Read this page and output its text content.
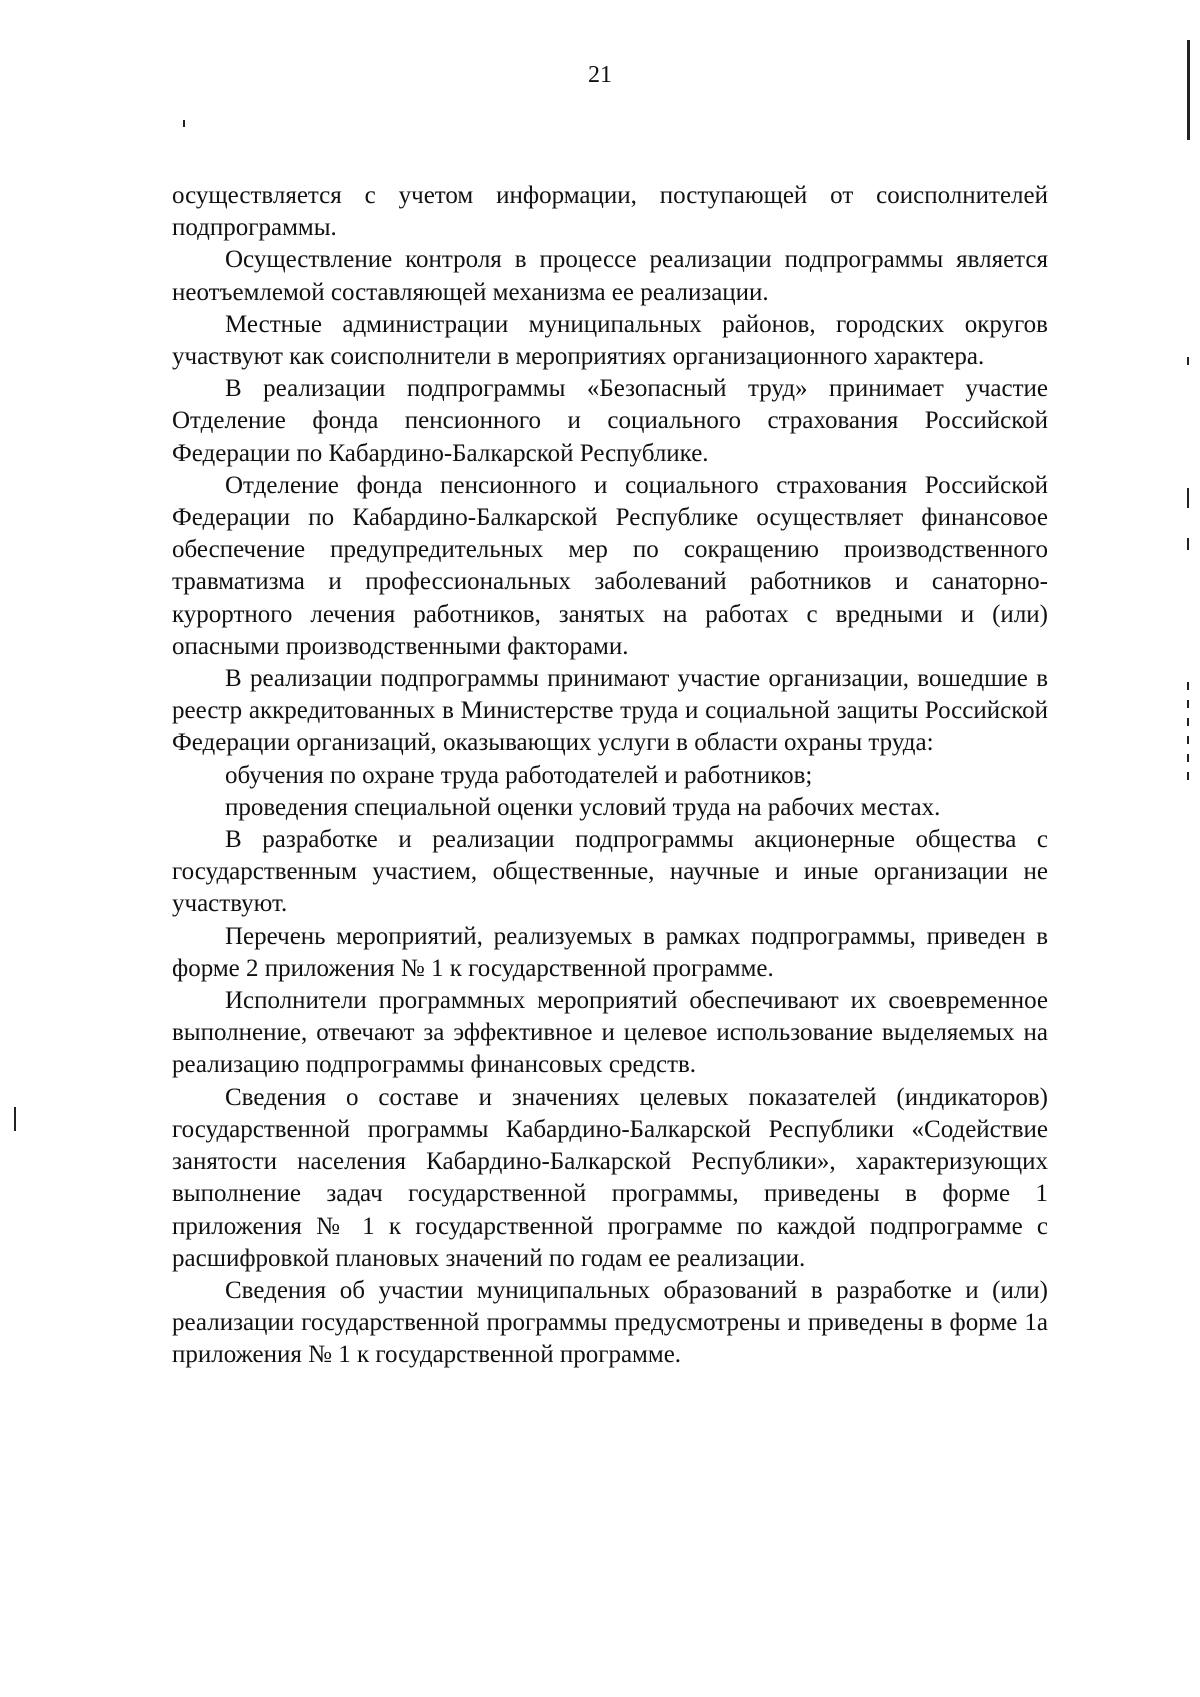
21

осуществляется с учетом информации, поступающей от соисполнителей подпрограммы.

Осуществление контроля в процессе реализации подпрограммы является неотъемлемой составляющей механизма ее реализации.

Местные администрации муниципальных районов, городских округов участвуют как соисполнители в мероприятиях организационного характера.

В реализации подпрограммы «Безопасный труд» принимает участие Отделение фонда пенсионного и социального страхования Российской Федерации по Кабардино-Балкарской Республике.

Отделение фонда пенсионного и социального страхования Российской Федерации по Кабардино-Балкарской Республике осуществляет финансовое обеспечение предупредительных мер по сокращению производственного травматизма и профессиональных заболеваний работников и санаторно-курортного лечения работников, занятых на работах с вредными и (или) опасными производственными факторами.

В реализации подпрограммы принимают участие организации, вошедшие в реестр аккредитованных в Министерстве труда и социальной защиты Российской Федерации организаций, оказывающих услуги в области охраны труда:

обучения по охране труда работодателей и работников;

проведения специальной оценки условий труда на рабочих местах.

В разработке и реализации подпрограммы акционерные общества с государственным участием, общественные, научные и иные организации не участвуют.

Перечень мероприятий, реализуемых в рамках подпрограммы, приведен в форме 2 приложения № 1 к государственной программе.

Исполнители программных мероприятий обеспечивают их своевременное выполнение, отвечают за эффективное и целевое использование выделяемых на реализацию подпрограммы финансовых средств.

Сведения о составе и значениях целевых показателей (индикаторов) государственной программы Кабардино-Балкарской Республики «Содействие занятости населения Кабардино-Балкарской Республики», характеризующих выполнение задач государственной программы, приведены в форме 1 приложения № 1 к государственной программе по каждой подпрограмме с расшифровкой плановых значений по годам ее реализации.

Сведения об участии муниципальных образований в разработке и (или) реализации государственной программы предусмотрены и приведены в форме 1а приложения № 1 к государственной программе.
